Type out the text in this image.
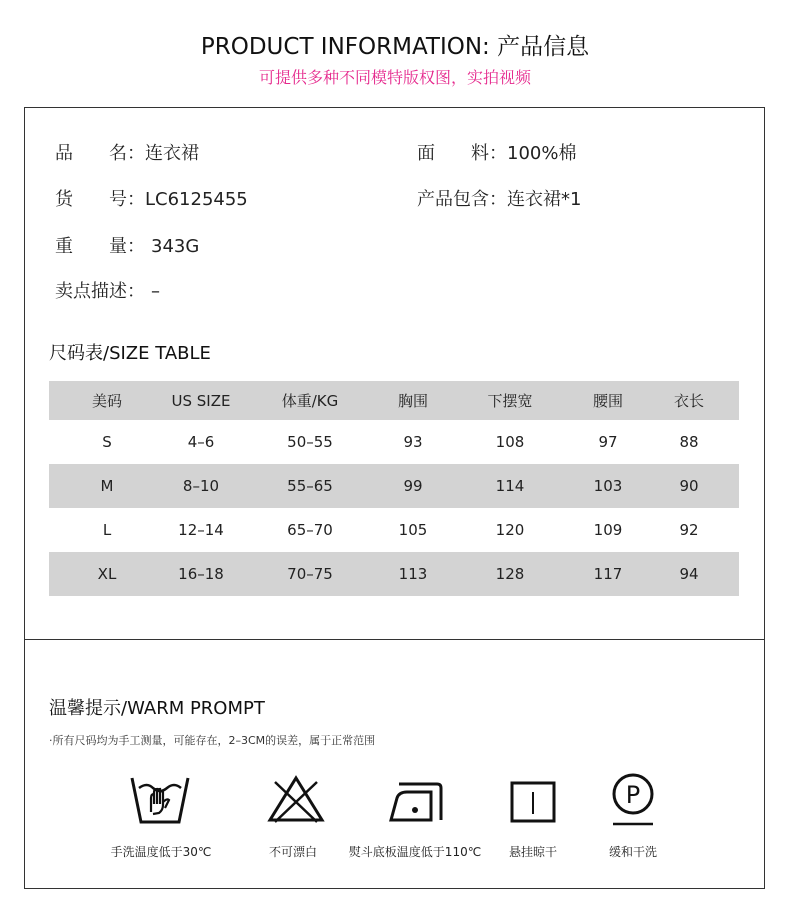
PRODUCT INFORMATION: 产品信息
可提供多种不同模特版权图，实拍视频
品　　名：连衣裙	面　　料：100%棉
货　　号：LC6125455	产品包含：连衣裙*1
重　　量： 343G
卖点描述： –
尺码表/SIZE TABLE
美码	US SIZE	体重/KG	胸围	下摆宽	腰围	衣长
S	4–6	50–55	93	108	97	88
M	8–10	55–65	99	114	103	90
L	12–14	65–70	105	120	109	92
XL	16–18	70–75	113	128	117	94
温馨提示/WARM PROMPT
·所有尺码均为手工测量，可能存在，2–3CM的误差，属于正常范围
手洗温度低于30℃	不可漂白	熨斗底板温度低于110℃ 悬挂晾干
P
缓和干洗
